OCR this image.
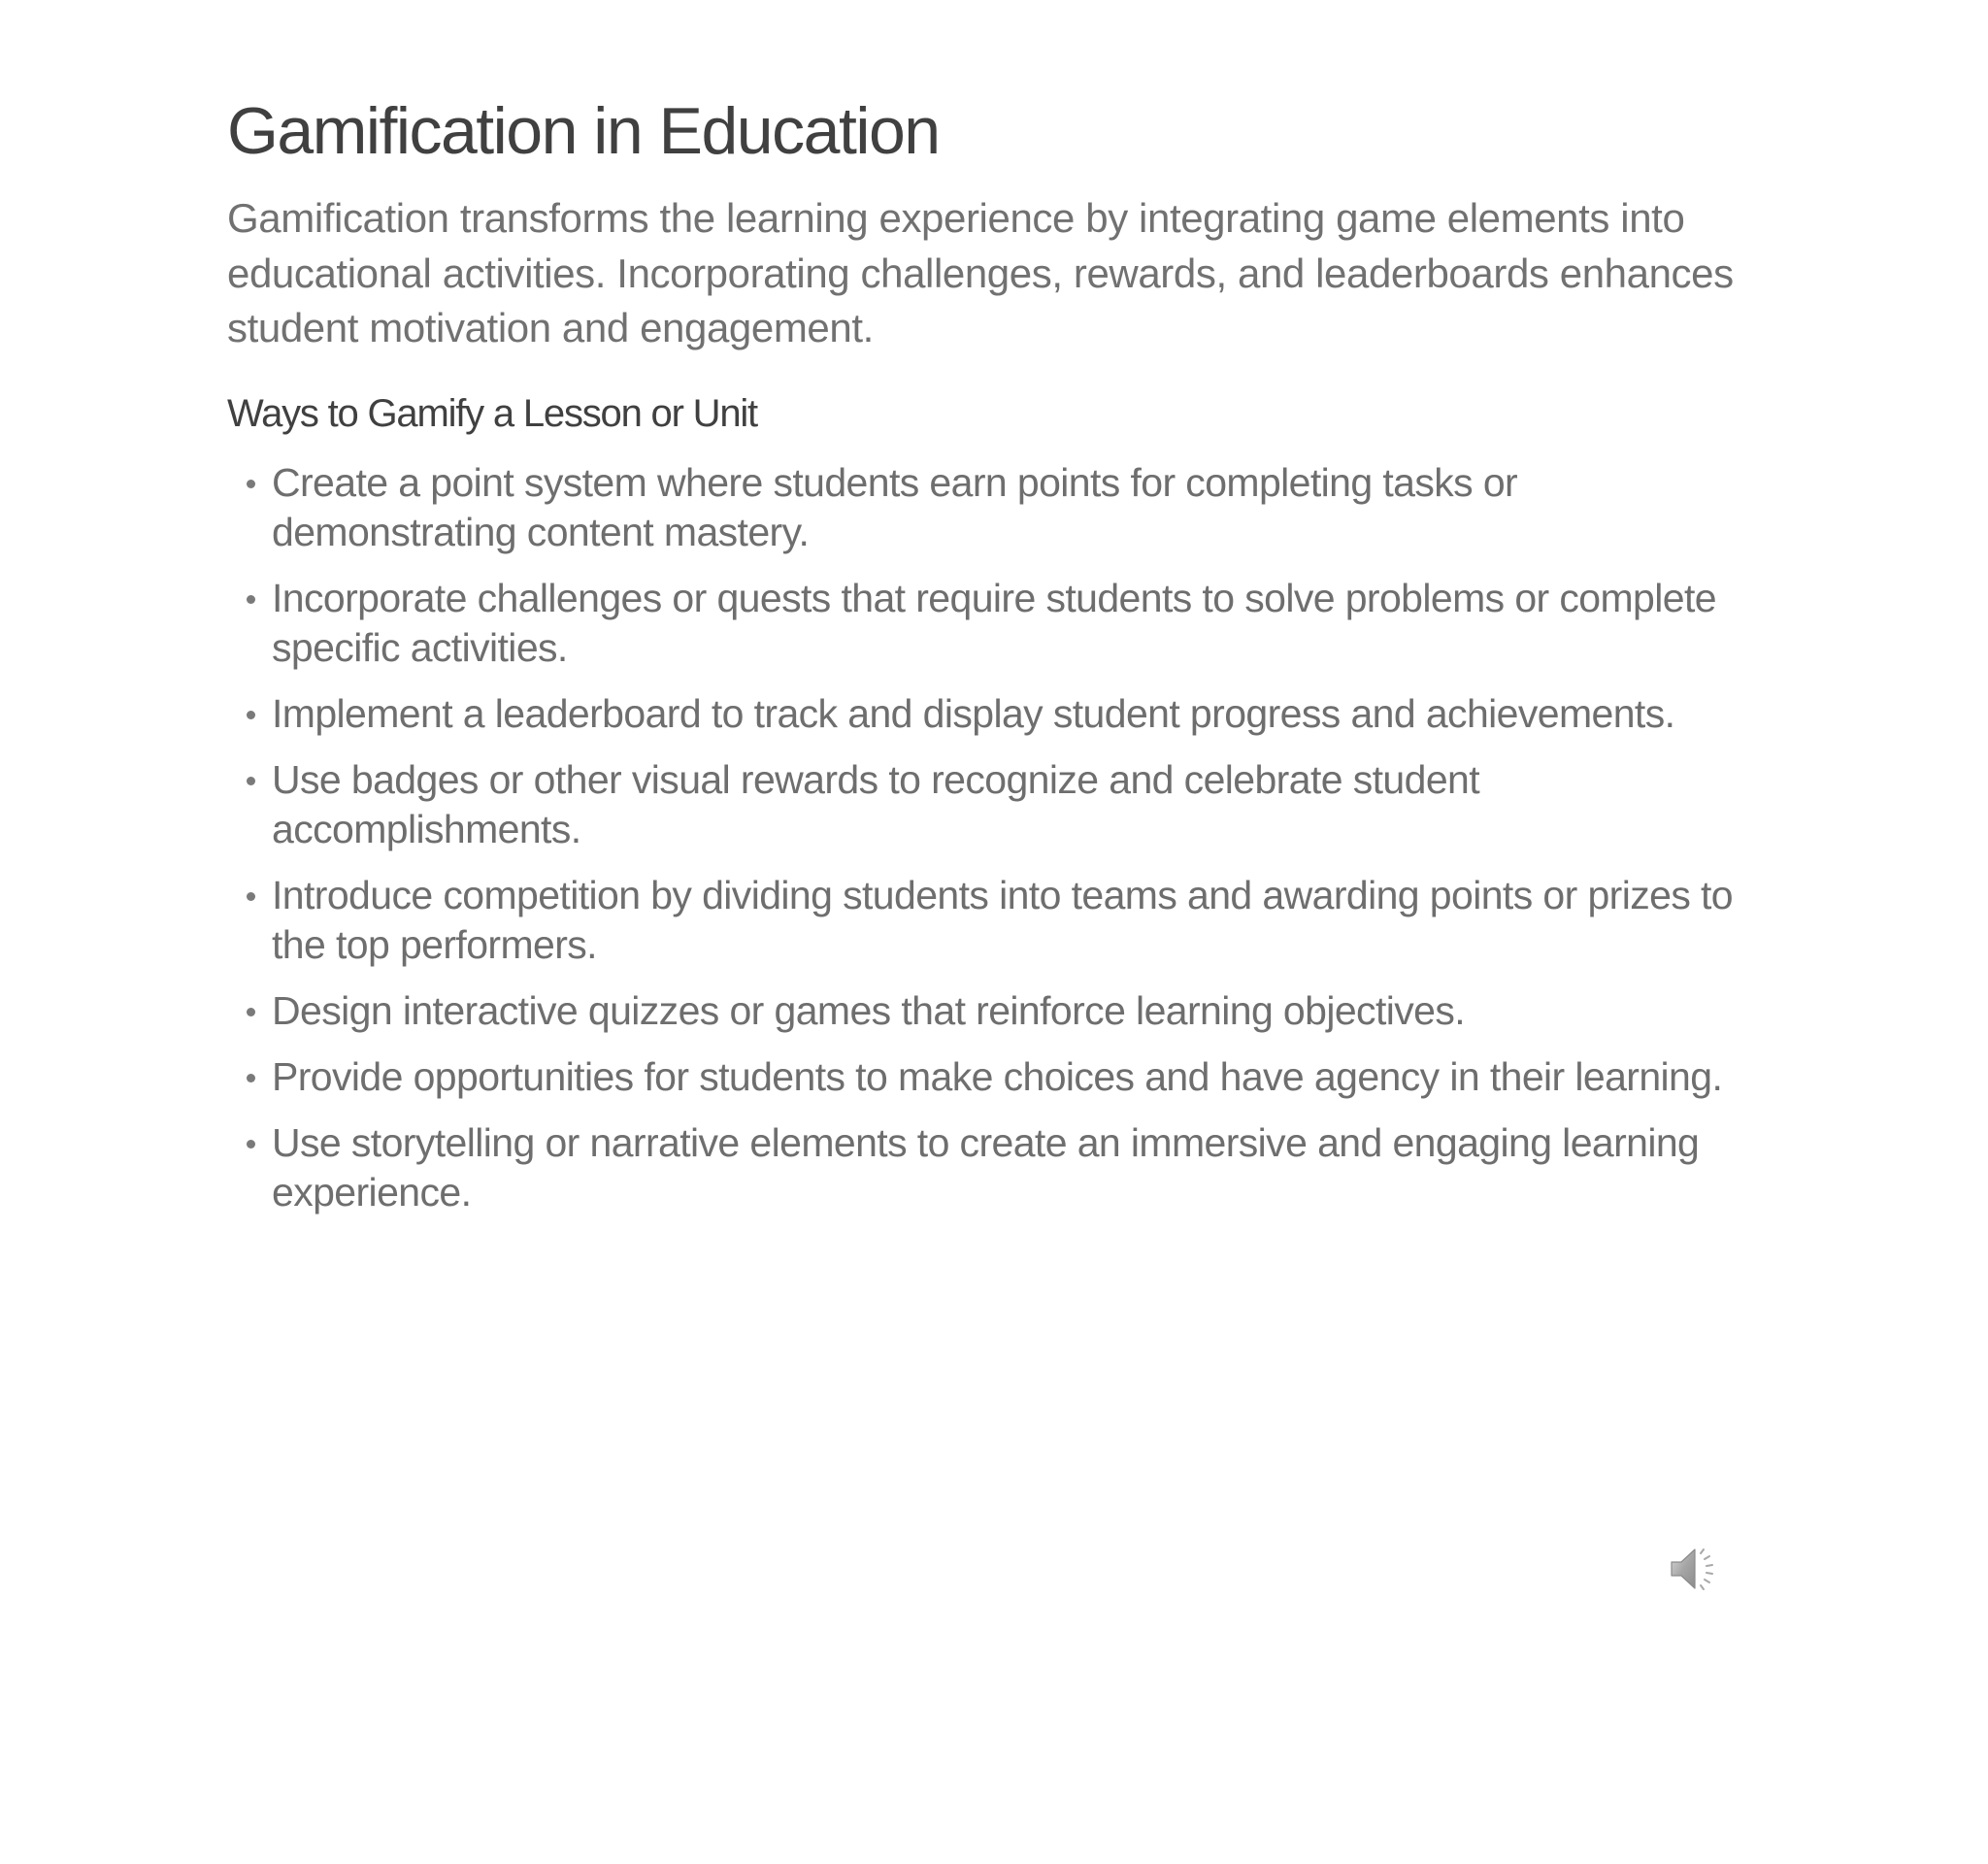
Gamification in Education

Gamification transforms the learning experience by integrating game elements into educational activities. Incorporating challenges, rewards, and leaderboards enhances student motivation and engagement.

Ways to Gamify a Lesson or Unit
Create a point system where students earn points for completing tasks or demonstrating content mastery.
Incorporate challenges or quests that require students to solve problems or complete specific activities.
Implement a leaderboard to track and display student progress and achievements.
Use badges or other visual rewards to recognize and celebrate student accomplishments.
Introduce competition by dividing students into teams and awarding points or prizes to the top performers.
Design interactive quizzes or games that reinforce learning objectives.
Provide opportunities for students to make choices and have agency in their learning.
Use storytelling or narrative elements to create an immersive and engaging learning experience.
